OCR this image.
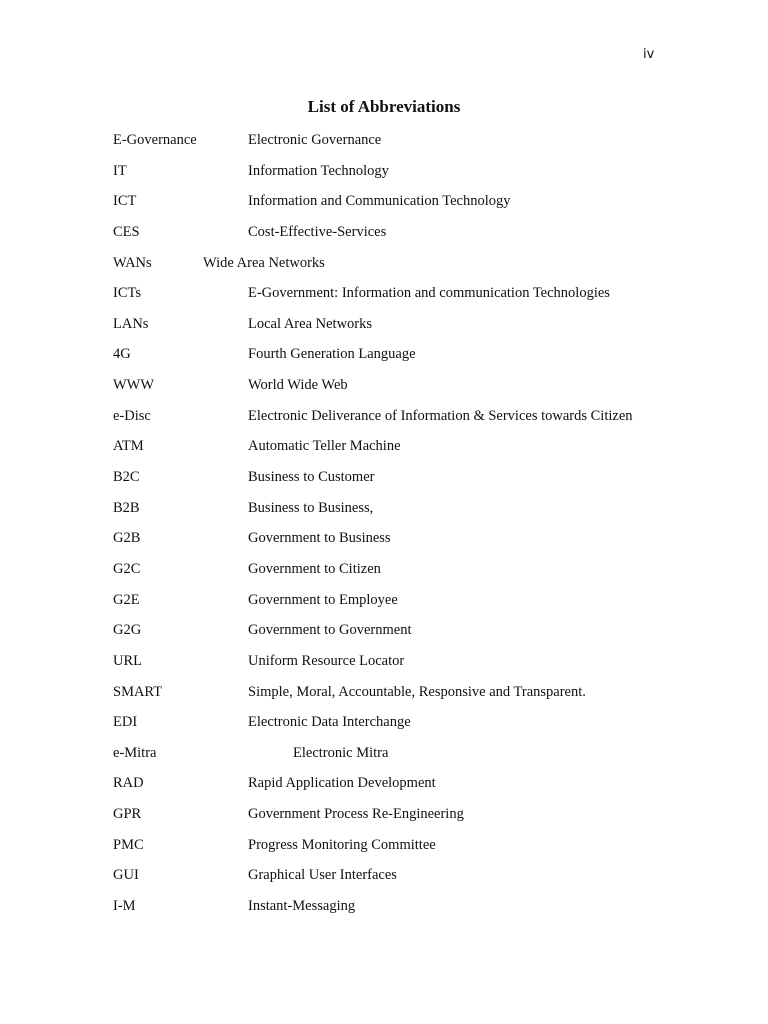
iv
List of Abbreviations
E-Governance	Electronic Governance
IT	Information Technology
ICT	Information and Communication Technology
CES	Cost-Effective-Services
WANs	Wide Area Networks
ICTs	E-Government: Information and communication Technologies
LANs	Local Area Networks
4G	Fourth Generation Language
WWW	World Wide Web
e-Disc	Electronic Deliverance of Information & Services towards Citizen
ATM	Automatic Teller Machine
B2C	Business to Customer
B2B	Business to Business,
G2B	Government to Business
G2C	Government to Citizen
G2E	Government to Employee
G2G	Government to Government
URL	Uniform Resource Locator
SMART	Simple, Moral, Accountable, Responsive and Transparent.
EDI	Electronic Data Interchange
e-Mitra	Electronic Mitra
RAD	Rapid Application Development
GPR	Government Process Re-Engineering
PMC	Progress Monitoring Committee
GUI	Graphical User Interfaces
I-M	Instant-Messaging
